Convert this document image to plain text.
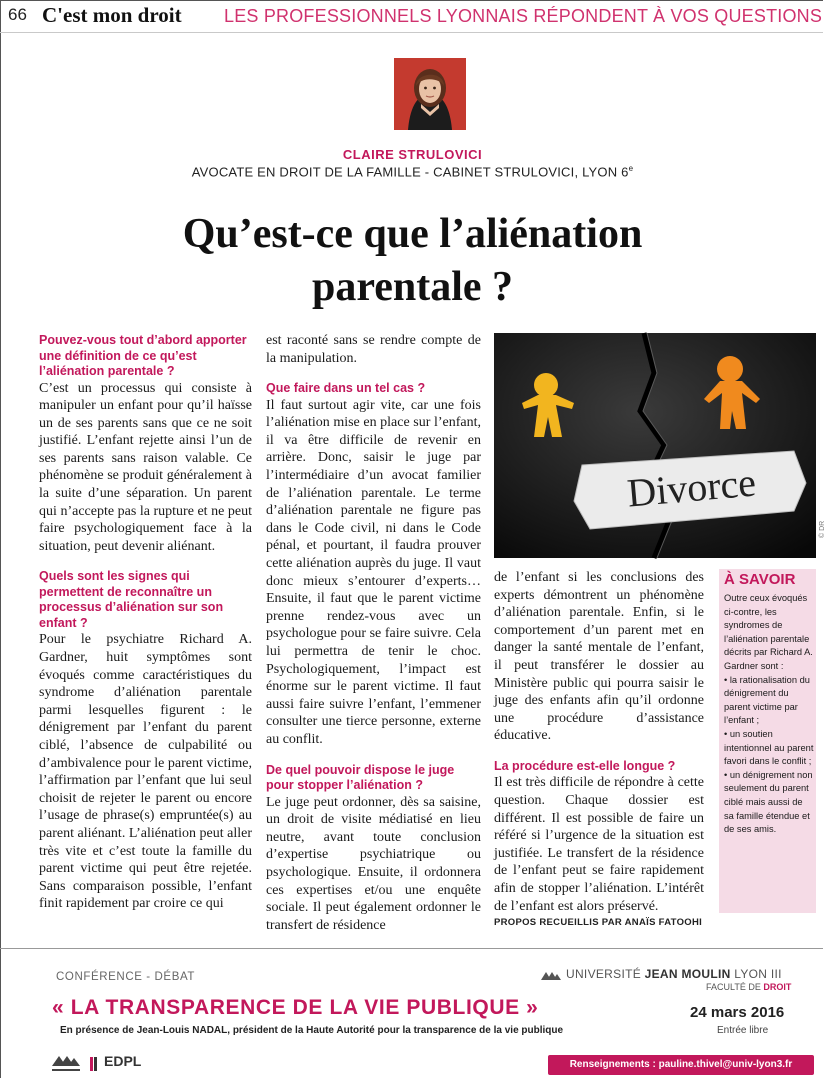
66 C'est mon droit LES PROFESSIONNELS LYONNAIS RÉPONDENT À VOS QUESTIONS
CLAIRE STRULOVICI
AVOCATE EN DROIT DE LA FAMILLE - CABINET STRULOVICI, LYON 6e
Qu’est-ce que l’aliénation
parentale ?

Pouvez-vous tout d’abord apporter une définition de ce qu’est l’aliénation parentale ?

C’est un processus qui consiste à manipuler un enfant pour qu’il haïsse un de ses parents sans que ce ne soit justifié. L’enfant rejette ainsi l’un de ses parents sans raison valable. Ce phénomène se produit généralement à la suite d’une séparation. Un parent qui n’accepte pas la rupture et ne peut faire psychologiquement face à la situation, peut devenir aliénant.

Quels sont les signes qui permettent de reconnaître un processus d’aliénation sur son enfant ?

Pour le psychiatre Richard A. Gardner, huit symptômes sont évoqués comme caractéristiques du syndrome d’aliénation parentale parmi lesquelles figurent : le dénigrement par l’enfant du parent ciblé, l’absence de culpabilité ou d’ambivalence pour le parent victime, l’affirmation par l’enfant que lui seul choisit de rejeter le parent ou encore l’usage de phrase(s) empruntée(s) au parent aliénant. L’aliénation peut aller très vite et c’est toute la famille du parent victime qui peut être rejetée. Sans comparaison possible, l’enfant finit rapidement par croire ce qui

est raconté sans se rendre compte de la manipulation.

Que faire dans un tel cas ?

Il faut surtout agir vite, car une fois l’aliénation mise en place sur l’enfant, il va être difficile de revenir en arrière. Donc, saisir le juge par l’intermédiaire d’un avocat familier de l’aliénation parentale. Le terme d’aliénation parentale ne figure pas dans le Code civil, ni dans le Code pénal, et pourtant, il faudra prouver cette aliénation auprès du juge. Il vaut donc mieux s’entourer d’experts… Ensuite, il faut que le parent victime prenne rendez-vous avec un psychologue pour se faire suivre. Cela lui permettra de tenir le choc. Psychologiquement, l’impact est énorme sur le parent victime. Il faut aussi faire suivre l’enfant, l’emmener consulter une tierce personne, externe au conflit.

De quel pouvoir dispose le juge pour stopper l’aliénation ?

Le juge peut ordonner, dès sa saisine, un droit de visite médiatisé en lieu neutre, avant toute conclusion d’expertise psychiatrique ou psychologique. Ensuite, il ordonnera ces expertises et/ou une enquête sociale. Il peut également ordonner le transfert de résidence

Divorce
© DR

de l’enfant si les conclusions des experts démontrent un phénomène d’aliénation parentale. Enfin, si le comportement d’un parent met en danger la santé mentale de l’enfant, il peut transférer le dossier au Ministère public qui pourra saisir le juge des enfants afin qu’il ordonne une procédure d’assistance éducative.

La procédure est-elle longue ?

Il est très difficile de répondre à cette question. Chaque dossier est différent. Il est possible de faire un référé si l’urgence de la situation est justifiée. Le transfert de la résidence de l’enfant peut se faire rapidement afin de stopper l’aliénation. L’intérêt de l’enfant est alors préservé.

PROPOS RECUEILLIS PAR ANAÏS FATOOHI
À SAVOIR
Outre ceux évoqués ci-contre, les syndromes de l’aliénation parentale décrits par Richard A. Gardner sont :
• la rationalisation du dénigrement du parent victime par l’enfant ;
• un soutien intentionnel au parent favori dans le conflit ;
• un dénigrement non seulement du parent ciblé mais aussi de sa famille étendue et de ses amis.
CONFÉRENCE - DÉBAT	UNIVERSITÉ JEAN MOULIN LYON III
FACULTÉ DE DROIT
« LA TRANSPARENCE DE LA VIE PUBLIQUE »
En présence de Jean-Louis NADAL, président de la Haute Autorité pour la transparence de la vie publique
24 mars 2016
Entrée libre
EDPL	Renseignements : pauline.thivel@univ-lyon3.fr
